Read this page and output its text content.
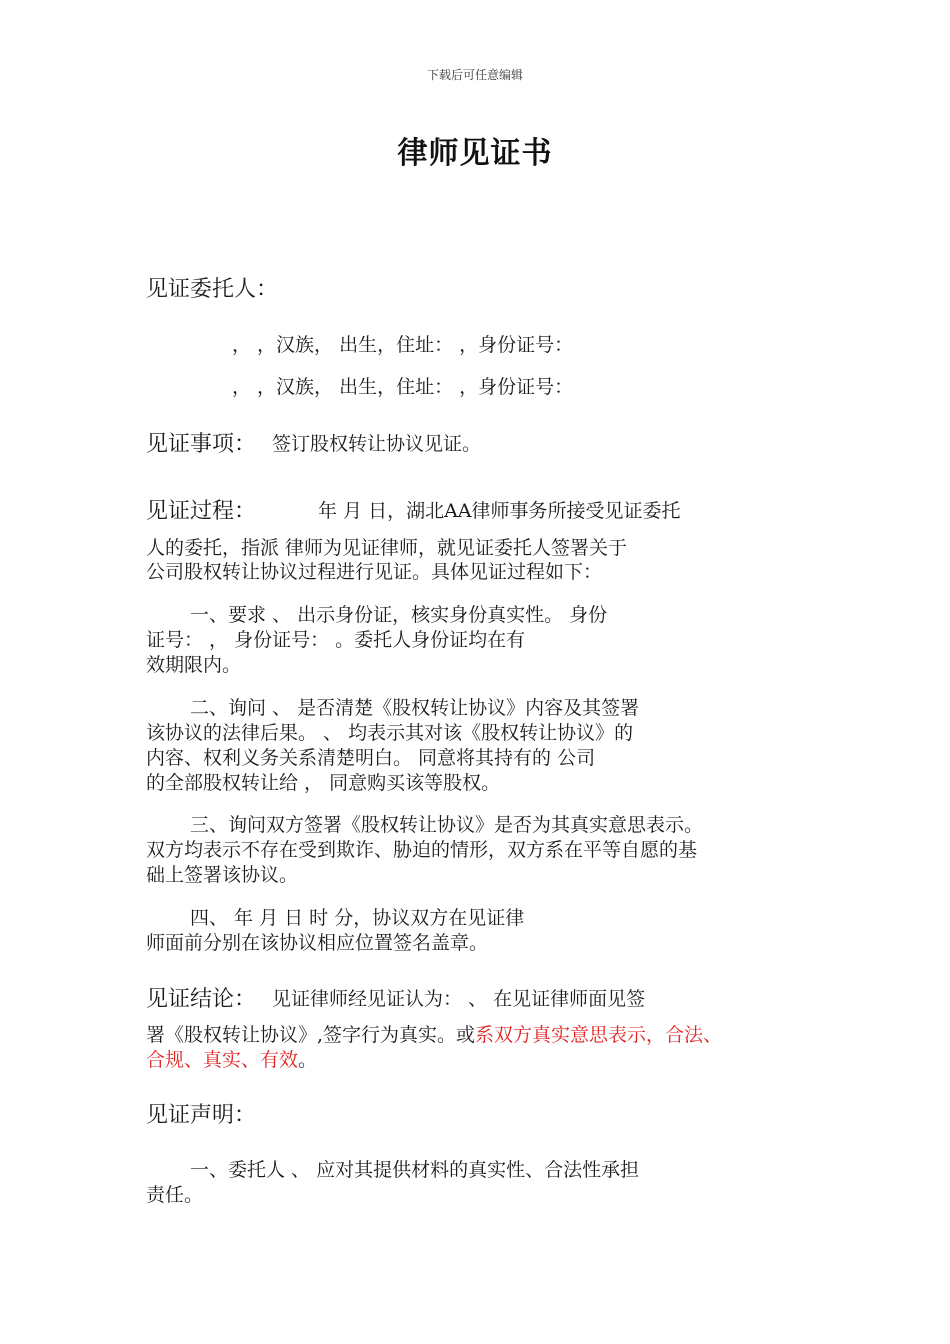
下载后可任意编辑
律师见证书
见证委托人：
， ，汉族， 出生，住址： ，身份证号：
， ，汉族， 出生，住址： ，身份证号：
见证事项： 签订股权转让协议见证。
见证过程：	年 月 日，湖北AA律师事务所接受见证委托
人的委托，指派 律师为见证律师，就见证委托人签署关于
公司股权转让协议过程进行见证。具体见证过程如下：
一、要求 、 出示身份证，核实身份真实性。 身份
证号： ， 身份证号： 。委托人身份证均在有
效期限内。
二、询问 、 是否清楚《股权转让协议》内容及其签署
该协议的法律后果。 、 均表示其对该《股权转让协议》的
内容、权利义务关系清楚明白。 同意将其持有的 公司
的全部股权转让给 ， 同意购买该等股权。
三、询问双方签署《股权转让协议》是否为其真实意思表示。
双方均表示不存在受到欺诈、胁迫的情形，双方系在平等自愿的基
础上签署该协议。
四、 年 月 日 时 分，协议双方在见证律
师面前分别在该协议相应位置签名盖章。
见证结论： 见证律师经见证认为： 、 在见证律师面见签
署《股权转让协议》,签字行为真实。或系双方真实意思表示，合法、
合规、真实、有效。
见证声明：
一、委托人 、 应对其提供材料的真实性、合法性承担
责任。
